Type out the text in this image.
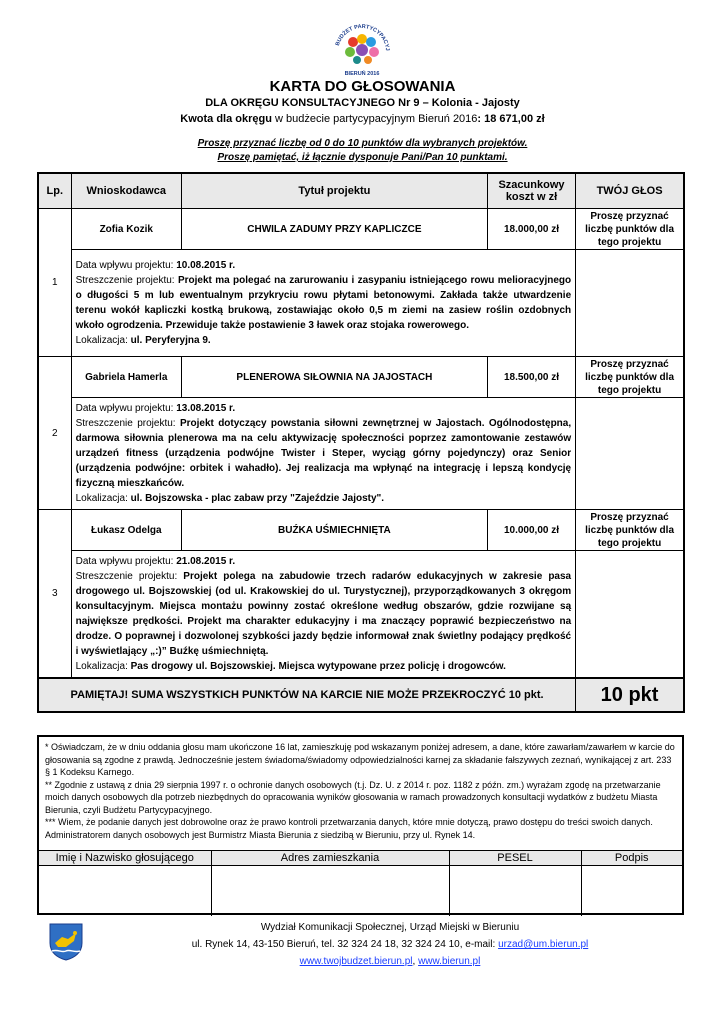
BUDŻET PARTYCYPACYJ
BIERUŃ 2016
KARTA DO GŁOSOWANIA
DLA OKRĘGU KONSULTACYJNEGO Nr 9 – Kolonia - Jajosty
Kwota dla okręgu w budżecie partycypacyjnym Bieruń 2016: 18 671,00 zł
Proszę przyznać liczbę od 0 do 10 punktów dla wybranych projektów.
Proszę pamiętać, iż łącznie dysponuje Pani/Pan 10 punktami.
Lp.	Wnioskodawca	Tytuł projektu	Szacunkowy koszt w zł	TWÓJ GŁOS
1	Zofia Kozik	CHWILA ZADUMY PRZY KAPLICZCE	18.000,00 zł	Proszę przyznać liczbę punktów dla tego projektu
	Data wpływu projektu: 10.08.2015 r.
Streszczenie projektu: Projekt ma polegać na zarurowaniu i zasypaniu istniejącego rowu melioracyjnego o długości 5 m lub ewentualnym przykryciu rowu płytami betonowymi. Zakłada także utwardzenie terenu wokół kapliczki kostką brukową, zostawiając około 0,5 m ziemi na zasiew roślin ozdobnych wkoło ogrodzenia. Przewiduje także postawienie 3 ławek oraz stojaka rowerowego.
Lokalizacja: ul. Peryferyjna 9.			
2	Gabriela Hamerla	PLENEROWA SIŁOWNIA NA JAJOSTACH	18.500,00 zł	Proszę przyznać liczbę punktów dla tego projektu
	Data wpływu projektu: 13.08.2015 r.
Streszczenie projektu: Projekt dotyczący powstania siłowni zewnętrznej w Jajostach. Ogólnodostępna, darmowa siłownia plenerowa ma na celu aktywizację społeczności poprzez zamontowanie zestawów urządzeń fitness (urządzenia podwójne Twister i Steper, wyciąg górny pojedynczy) oraz Senior (urządzenia podwójne: orbitek i wahadło). Jej realizacja ma wpłynąć na integrację i lepszą kondycję fizyczną mieszkańców.
Lokalizacja: ul. Bojszowska - plac zabaw przy "Zajeździe Jajosty".			
3	Łukasz Odelga	BUŹKA UŚMIECHNIĘTA	10.000,00 zł	Proszę przyznać liczbę punktów dla tego projektu
	Data wpływu projektu: 21.08.2015 r.
Streszczenie projektu: Projekt polega na zabudowie trzech radarów edukacyjnych w zakresie pasa drogowego ul. Bojszowskiej (od ul. Krakowskiej do ul. Turystycznej), przyporządkowanych 3 okręgom konsultacyjnym. Miejsca montażu powinny zostać określone według obszarów, gdzie rozwijane są największe prędkości. Projekt ma charakter edukacyjny i ma znaczący poprawić bezpieczeństwo na drodze. O poprawnej i dozwolonej szybkości jazdy będzie informował znak świetlny podający prędkość i wyświetlający „:)” Buźkę uśmiechniętą.
Lokalizacja: Pas drogowy ul. Bojszowskiej. Miejsca wytypowane przez policję i drogowców.			
PAMIĘTAJ! SUMA WSZYSTKICH PUNKTÓW NA KARCIE NIE MOŻE PRZEKROCZYĆ 10 pkt.				10 pkt
* Oświadczam, że w dniu oddania głosu mam ukończone 16 lat, zamieszkuję pod wskazanym poniżej adresem, a dane, które zawarłam/zawarłem w karcie do głosowania są zgodne z prawdą. Jednocześnie jestem świadoma/świadomy odpowiedzialności karnej za składanie fałszywych zeznań, wynikającej z art. 233 § 1 Kodeksu Karnego.
** Zgodnie z ustawą z dnia 29 sierpnia 1997 r. o ochronie danych osobowych (t.j. Dz. U. z 2014 r. poz. 1182 z późn. zm.) wyrażam zgodę na przetwarzanie moich danych osobowych dla potrzeb niezbędnych do opracowania wyników głosowania w ramach prowadzonych konsultacji wydatków z budżetu Miasta Bierunia, czyli Budżetu Partycypacyjnego.
*** Wiem, że podanie danych jest dobrowolne oraz że prawo kontroli przetwarzania danych, które mnie dotyczą, prawo dostępu do treści swoich danych. Administratorem danych osobowych jest Burmistrz Miasta Bierunia z siedzibą w Bieruniu, przy ul. Rynek 14.
Imię i Nazwisko głosującego	Adres zamieszkania	PESEL	Podpis

Wydział Komunikacji Społecznej, Urząd Miejski w Bieruniu
ul. Rynek 14, 43-150 Bieruń, tel. 32 324 24 18, 32 324 24 10, e-mail: urzad@um.bierun.pl
www.twojbudzet.bierun.pl, www.bierun.pl
